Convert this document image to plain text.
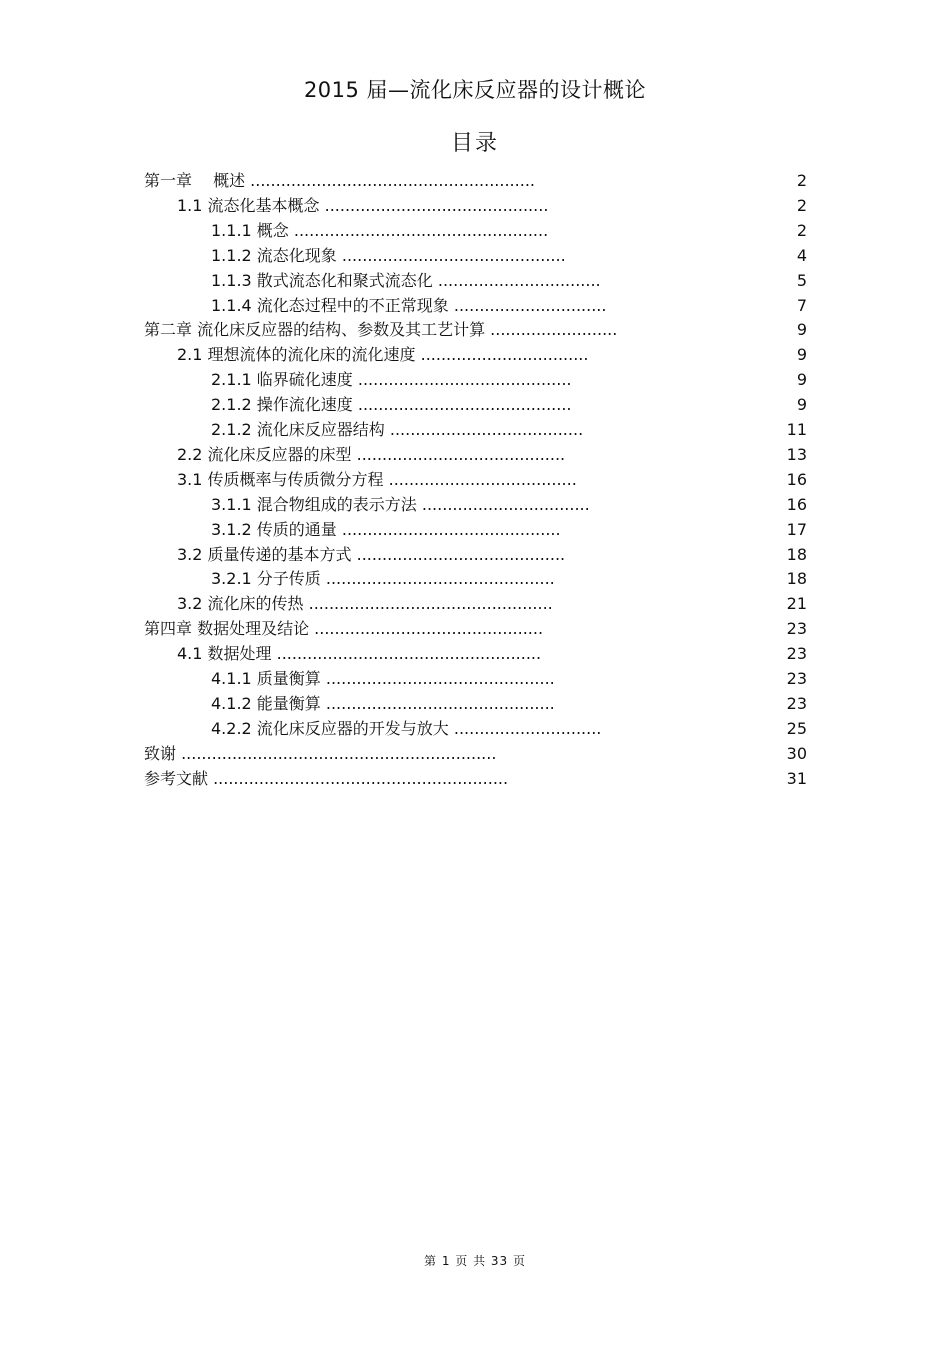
2015 届—流化床反应器的设计概论
目录
第一章　 概述 ........................................................	2
1.1 流态化基本概念 ............................................	2
1.1.1 概念 ..................................................	2
1.1.2 流态化现象 ............................................	4
1.1.3 散式流态化和聚式流态化 ................................	5
1.1.4 流化态过程中的不正常现象 ..............................	7
第二章 流化床反应器的结构、参数及其工艺计算 .........................	9
2.1 理想流体的流化床的流化速度 .................................	9
2.1.1 临界硫化速度 ..........................................	9
2.1.2 操作流化速度 ..........................................	9
2.1.2 流化床反应器结构 ......................................	11
2.2 流化床反应器的床型 .........................................	13
3.1 传质概率与传质微分方程 .....................................	16
3.1.1 混合物组成的表示方法 .................................	16
3.1.2 传质的通量 ...........................................	17
3.2 质量传递的基本方式 .........................................	18
3.2.1 分子传质 .............................................	18
3.2 流化床的传热 ................................................	21
第四章 数据处理及结论 .............................................	23
4.1 数据处理 ....................................................	23
4.1.1 质量衡算 .............................................	23
4.1.2 能量衡算 .............................................	23
4.2.2 流化床反应器的开发与放大 .............................	25
致谢 ..............................................................	30
参考文献 ..........................................................	31
第 1 页 共 33 页
